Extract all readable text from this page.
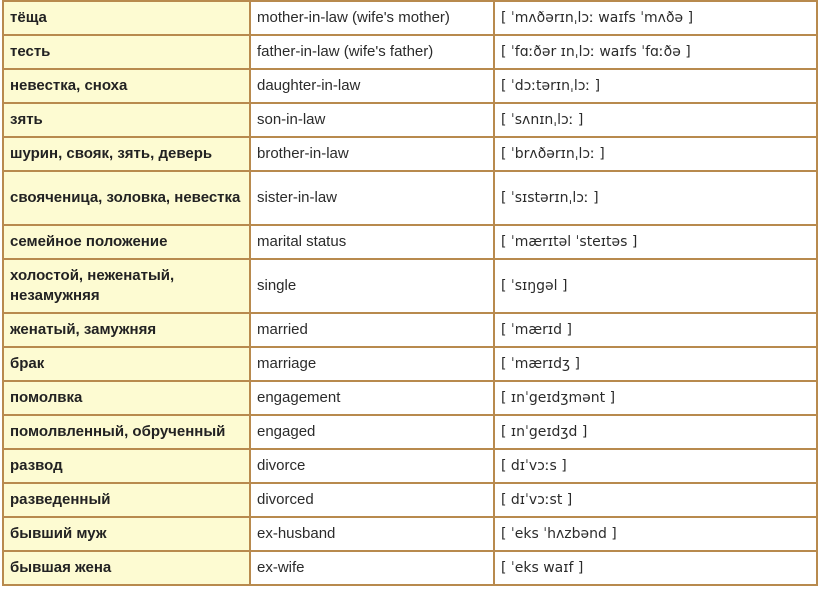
тёща	mother-in-law (wife's mother)	[ ˈmʌðərɪnˌlɔː waɪfs ˈmʌðə ]
тесть	father-in-law (wife's father)	[ ˈfɑːðər ɪnˌlɔː waɪfs ˈfɑːðə ]
невестка, сноха	daughter-in-law	[ ˈdɔːtərɪnˌlɔː ]
зять	son-in-law	[ ˈsʌnɪnˌlɔː ]
шурин, свояк, зять, деверь	brother-in-law	[ ˈbrʌðərɪnˌlɔː ]
свояченица, золовка, невестка	sister-in-law	[ ˈsɪstərɪnˌlɔː ]
семейное положение	marital status	[ ˈmærɪtəl ˈsteɪtəs ]
холостой, неженатый, незамужняя	single	[ ˈsɪŋgəl ]
женатый, замужняя	married	[ ˈmærɪd ]
брак	marriage	[ ˈmærɪdʒ ]
помолвка	engagement	[ ɪnˈgeɪdʒmənt ]
помолвленный, обрученный	engaged	[ ɪnˈgeɪdʒd ]
развод	divorce	[ dɪˈvɔːs ]
разведенный	divorced	[ dɪˈvɔːst ]
бывший муж	ex-husband	[ ˈeks ˈhʌzbənd ]
бывшая жена	ex-wife	[ ˈeks waɪf ]
